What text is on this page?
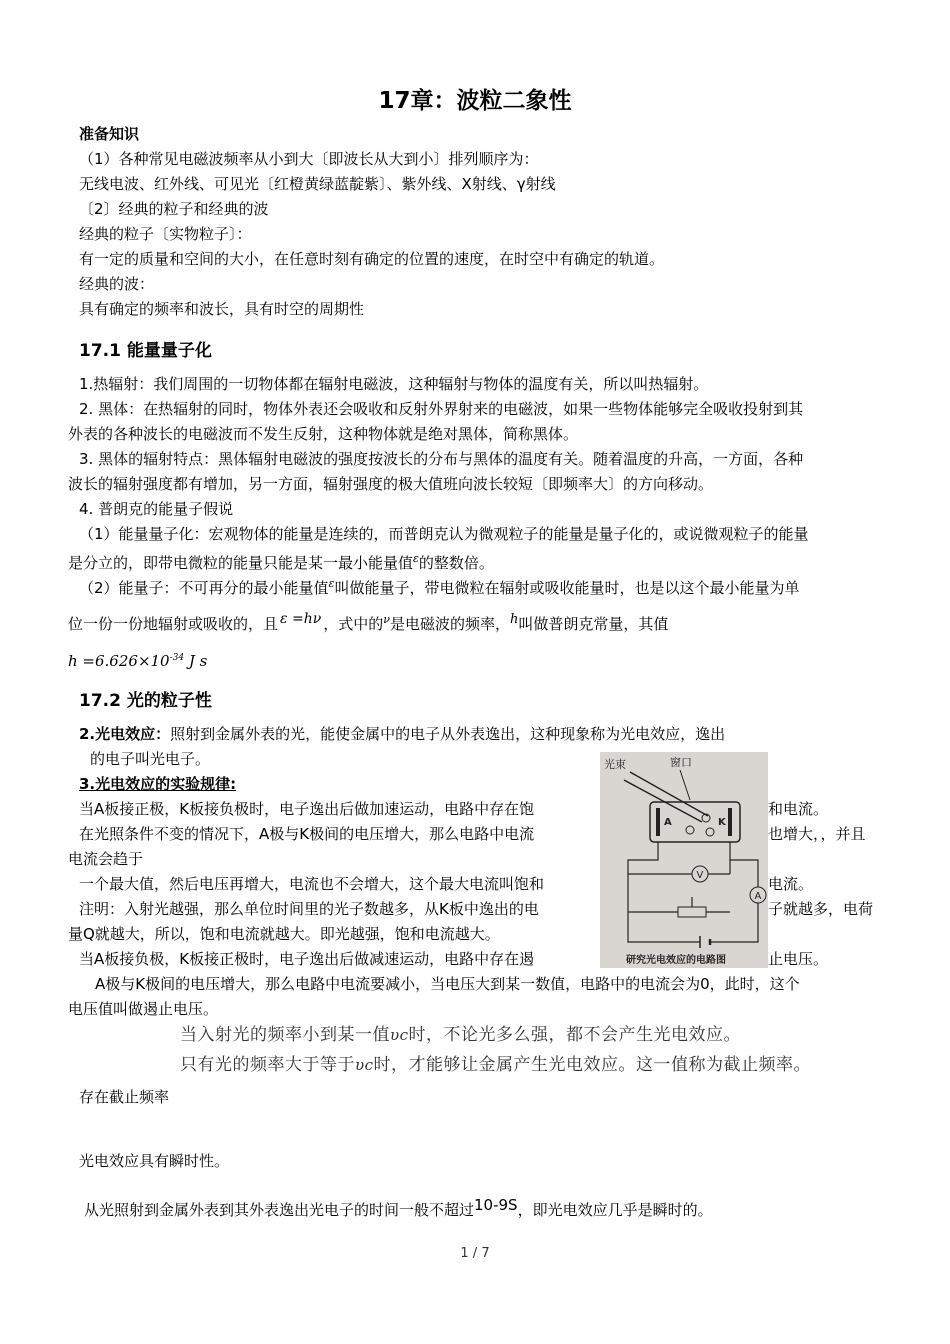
17章：波粒二象性
准备知识
（1）各种常见电磁波频率从小到大〔即波长从大到小〕排列顺序为：
无线电波、红外线、可见光〔红橙黄绿蓝靛紫〕、紫外线、X射线、γ射线
〔2〕经典的粒子和经典的波
经典的粒子〔实物粒子〕：
有一定的质量和空间的大小，在任意时刻有确定的位置的速度，在时空中有确定的轨道。
经典的波：
具有确定的频率和波长，具有时空的周期性
17.1 能量量子化
1.热辐射：我们周围的一切物体都在辐射电磁波，这种辐射与物体的温度有关，所以叫热辐射。
2. 黑体：在热辐射的同时，物体外表还会吸收和反射外界射来的电磁波，如果一些物体能够完全吸收投射到其
外表的各种波长的电磁波而不发生反射，这种物体就是绝对黑体，简称黑体。
3. 黑体的辐射特点：黑体辐射电磁波的强度按波长的分布与黑体的温度有关。随着温度的升高，一方面，各种
波长的辐射强度都有增加，另一方面，辐射强度的极大值班向波长较短〔即频率大〕的方向移动。
4. 普朗克的能量子假说
（1）能量量子化：宏观物体的能量是连续的，而普朗克认为微观粒子的能量是量子化的，或说微观粒子的能量
是分立的，即带电微粒的能量只能是某一最小能量值$^\varepsilon$的整数倍。
（2）能量子：不可再分的最小能量值$^\varepsilon$叫做能量子，带电微粒在辐射或吸收能量时，也是以这个最小能量为单
位一份一份地辐射或吸收的，且 ε =hν ，式中的$^\nu$是电磁波的频率，$^h$叫做普朗克常量，其值
$h =6.626\times 10^{-34}$ J s
17.2 光的粒子性
2.光电效应：照射到金属外表的光，能使金属中的电子从外表逸出，这种现象称为光电效应，逸出
的电子叫光电子。
3.光电效应的实验规律:
当A板接正极，K板接负极时，电子逸出后做加速运动，电路中存在饱	和电流。
在光照条件不变的情况下，A极与K极间的电压增大，那么电路中电流	也增大，，并且
电流会趋于
一个最大值，然后电压再增大，电流也不会增大，这个最大电流叫饱和	电流。
注明：入射光越强，那么单位时间里的光子数越多，从K板中逸出的电	子就越多，电荷
量Q就越大，所以，饱和电流就越大。即光越强，饱和电流越大。
当A板接负极，K板接正极时，电子逸出后做减速运动，电路中存在遏	止电压。
A极与K极间的电压增大，那么电路中电流要减小，当电压大到某一数值，电路中的电流会为0，此时，这个
电压值叫做遏止电压。
当入射光的频率小到某一值υc时，不论光多么强，都不会产生光电效应。
只有光的频率大于等于υc时，才能够让金属产生光电效应。这一值称为截止频率。
存在截止频率
光电效应具有瞬时性。
从光照射到金属外表到其外表逸出光电子的时间一般不超过10-9S，即光电效应几乎是瞬时的。
光束	窗口
A	K
A
V
研究光电效应的电路图
1 / 7
